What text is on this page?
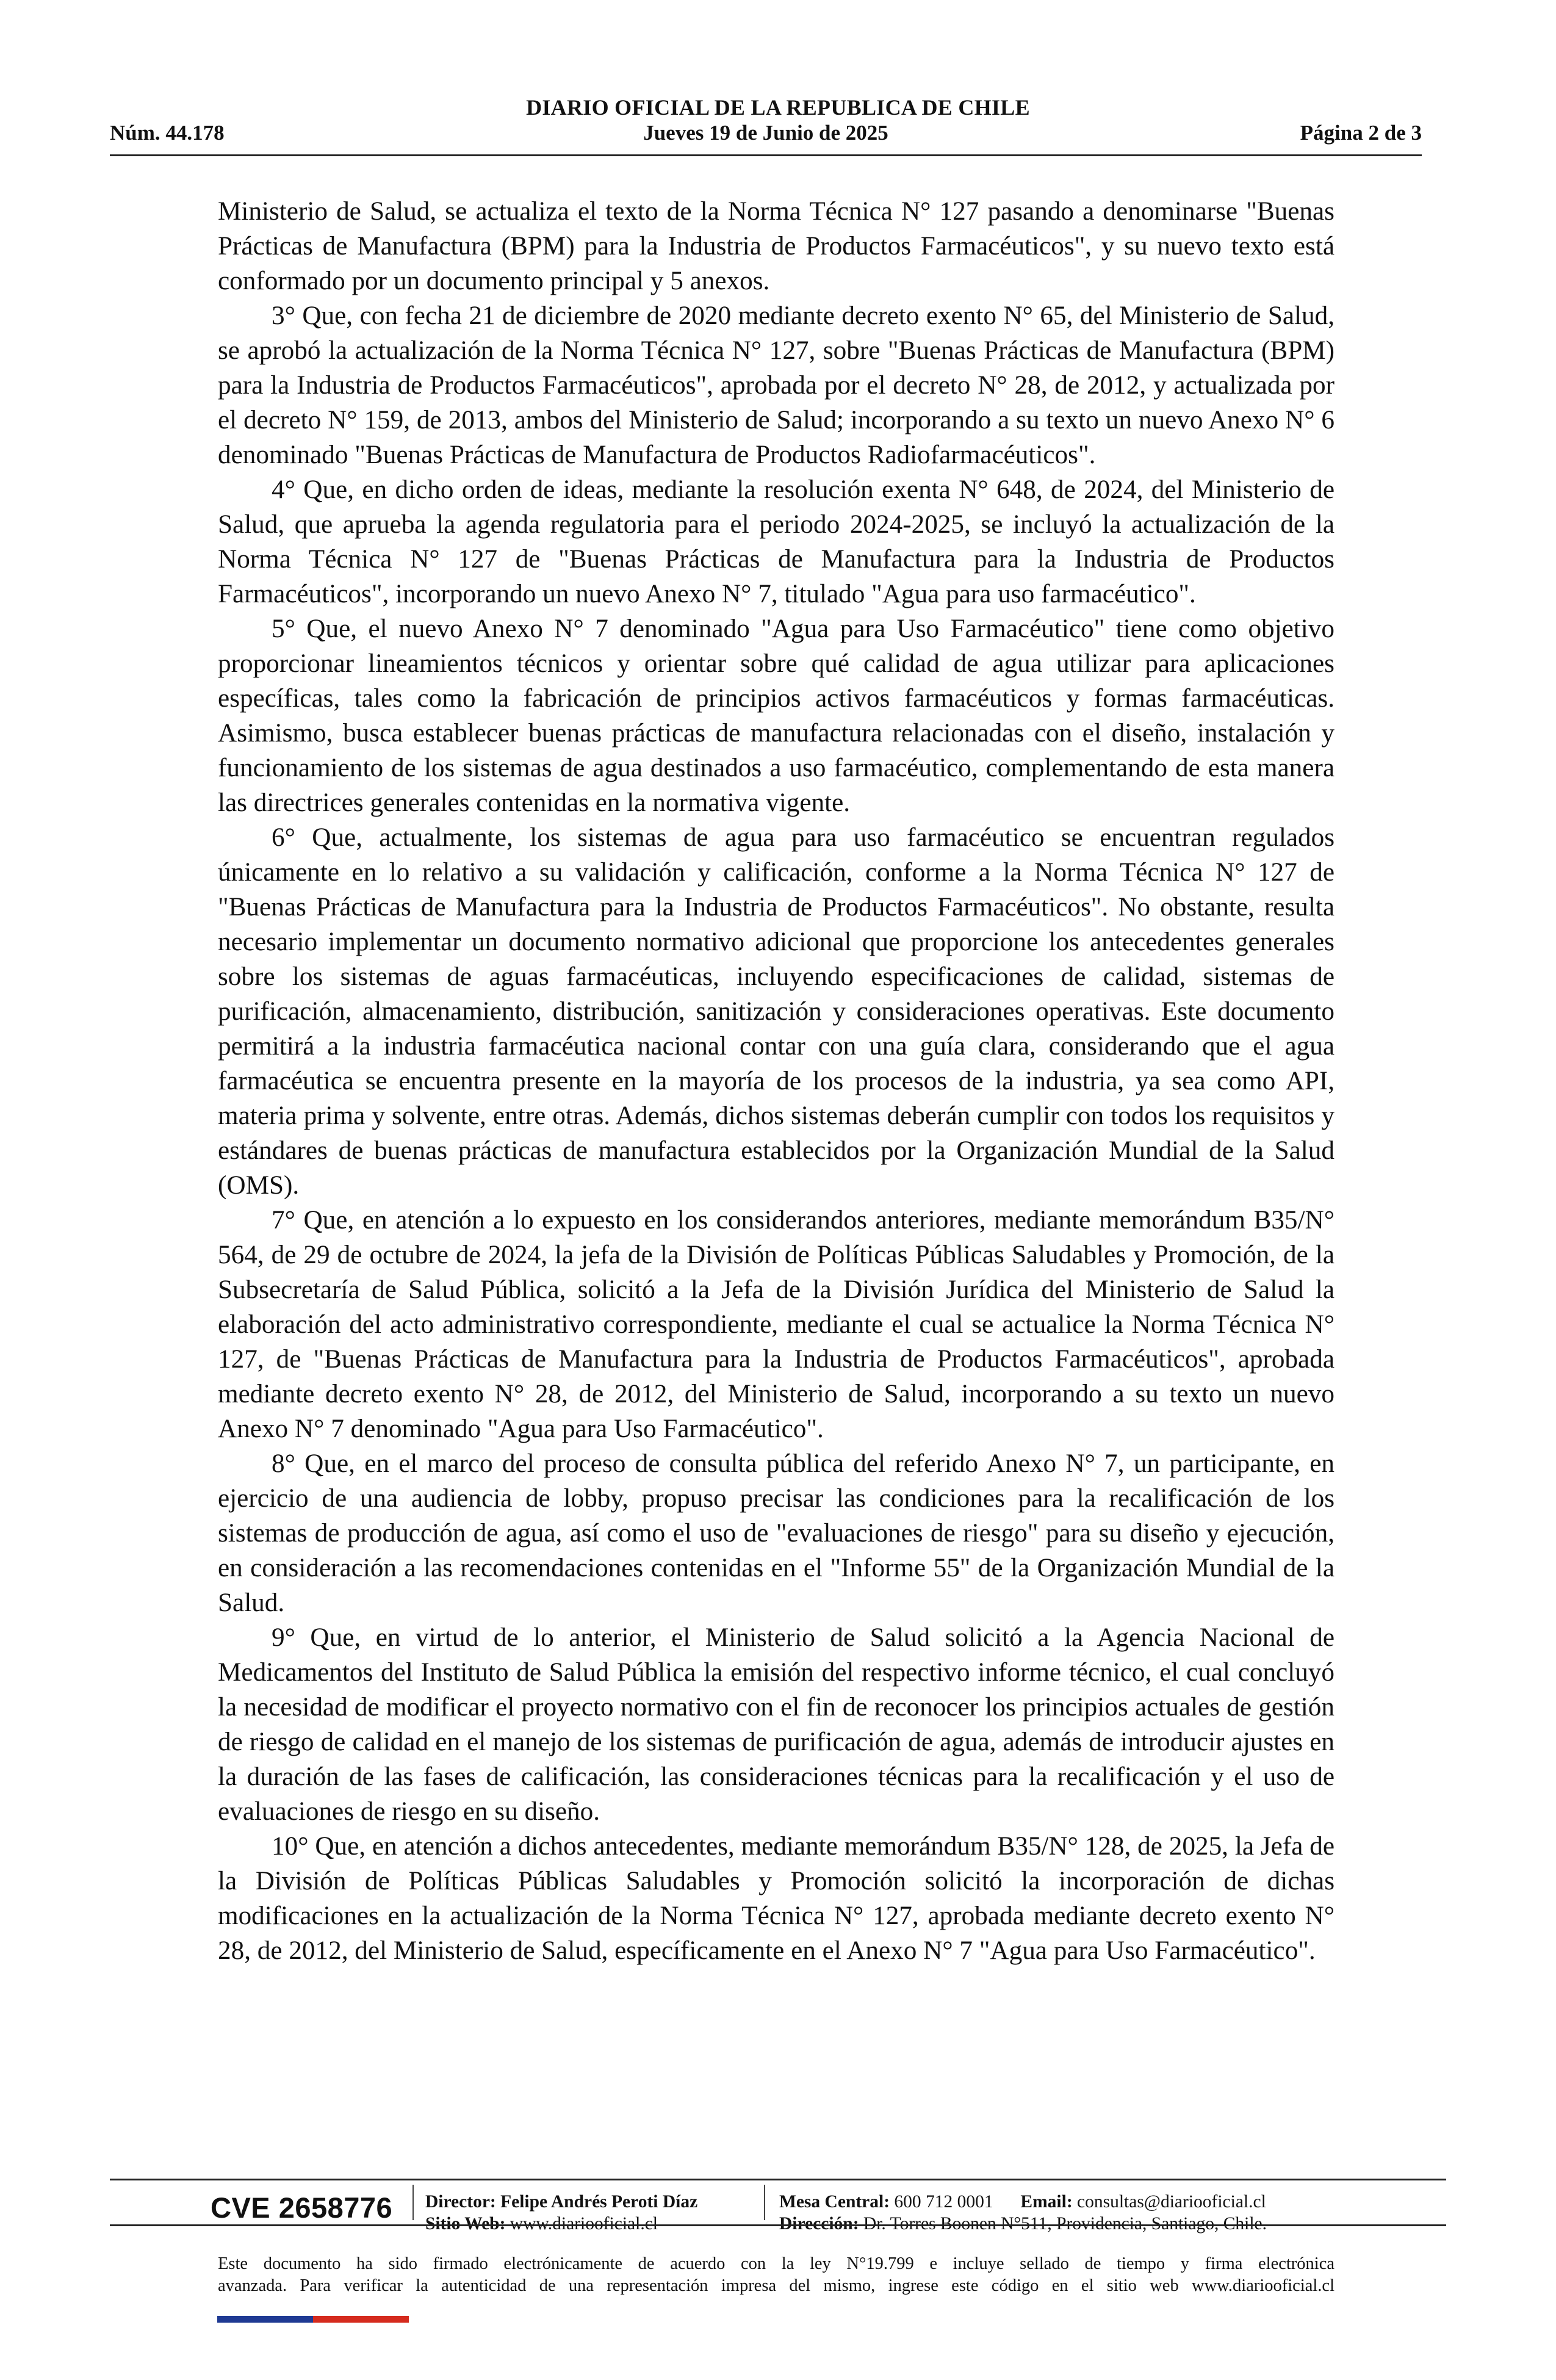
DIARIO OFICIAL DE LA REPUBLICA DE CHILE
Núm. 44.178	Jueves 19 de Junio de 2025	Página 2 de 3

Ministerio de Salud, se actualiza el texto de la Norma Técnica N° 127 pasando a denominarse "Buenas Prácticas de Manufactura (BPM) para la Industria de Productos Farmacéuticos", y su nuevo texto está conformado por un documento principal y 5 anexos.

3° Que, con fecha 21 de diciembre de 2020 mediante decreto exento N° 65, del Ministerio de Salud, se aprobó la actualización de la Norma Técnica N° 127, sobre "Buenas Prácticas de Manufactura (BPM) para la Industria de Productos Farmacéuticos", aprobada por el decreto N° 28, de 2012, y actualizada por el decreto N° 159, de 2013, ambos del Ministerio de Salud; incorporando a su texto un nuevo Anexo N° 6 denominado "Buenas Prácticas de Manufactura de Productos Radiofarmacéuticos".

4° Que, en dicho orden de ideas, mediante la resolución exenta N° 648, de 2024, del Ministerio de Salud, que aprueba la agenda regulatoria para el periodo 2024-2025, se incluyó la actualización de la Norma Técnica N° 127 de "Buenas Prácticas de Manufactura para la Industria de Productos Farmacéuticos", incorporando un nuevo Anexo N° 7, titulado "Agua para uso farmacéutico".

5° Que, el nuevo Anexo N° 7 denominado "Agua para Uso Farmacéutico" tiene como objetivo proporcionar lineamientos técnicos y orientar sobre qué calidad de agua utilizar para aplicaciones específicas, tales como la fabricación de principios activos farmacéuticos y formas farmacéuticas. Asimismo, busca establecer buenas prácticas de manufactura relacionadas con el diseño, instalación y funcionamiento de los sistemas de agua destinados a uso farmacéutico, complementando de esta manera las directrices generales contenidas en la normativa vigente.

6° Que, actualmente, los sistemas de agua para uso farmacéutico se encuentran regulados únicamente en lo relativo a su validación y calificación, conforme a la Norma Técnica N° 127 de "Buenas Prácticas de Manufactura para la Industria de Productos Farmacéuticos". No obstante, resulta necesario implementar un documento normativo adicional que proporcione los antecedentes generales sobre los sistemas de aguas farmacéuticas, incluyendo especificaciones de calidad, sistemas de purificación, almacenamiento, distribución, sanitización y consideraciones operativas. Este documento permitirá a la industria farmacéutica nacional contar con una guía clara, considerando que el agua farmacéutica se encuentra presente en la mayoría de los procesos de la industria, ya sea como API, materia prima y solvente, entre otras. Además, dichos sistemas deberán cumplir con todos los requisitos y estándares de buenas prácticas de manufactura establecidos por la Organización Mundial de la Salud (OMS).

7° Que, en atención a lo expuesto en los considerandos anteriores, mediante memorándum B35/N° 564, de 29 de octubre de 2024, la jefa de la División de Políticas Públicas Saludables y Promoción, de la Subsecretaría de Salud Pública, solicitó a la Jefa de la División Jurídica del Ministerio de Salud la elaboración del acto administrativo correspondiente, mediante el cual se actualice la Norma Técnica N° 127, de "Buenas Prácticas de Manufactura para la Industria de Productos Farmacéuticos", aprobada mediante decreto exento N° 28, de 2012, del Ministerio de Salud, incorporando a su texto un nuevo Anexo N° 7 denominado "Agua para Uso Farmacéutico".

8° Que, en el marco del proceso de consulta pública del referido Anexo N° 7, un participante, en ejercicio de una audiencia de lobby, propuso precisar las condiciones para la recalificación de los sistemas de producción de agua, así como el uso de "evaluaciones de riesgo" para su diseño y ejecución, en consideración a las recomendaciones contenidas en el "Informe 55" de la Organización Mundial de la Salud.

9° Que, en virtud de lo anterior, el Ministerio de Salud solicitó a la Agencia Nacional de Medicamentos del Instituto de Salud Pública la emisión del respectivo informe técnico, el cual concluyó la necesidad de modificar el proyecto normativo con el fin de reconocer los principios actuales de gestión de riesgo de calidad en el manejo de los sistemas de purificación de agua, además de introducir ajustes en la duración de las fases de calificación, las consideraciones técnicas para la recalificación y el uso de evaluaciones de riesgo en su diseño.

10° Que, en atención a dichos antecedentes, mediante memorándum B35/N° 128, de 2025, la Jefa de la División de Políticas Públicas Saludables y Promoción solicitó la incorporación de dichas modificaciones en la actualización de la Norma Técnica N° 127, aprobada mediante decreto exento N° 28, de 2012, del Ministerio de Salud, específicamente en el Anexo N° 7 "Agua para Uso Farmacéutico".

CVE 2658776 Director: Felipe Andrés Peroti Díaz
Sitio Web: www.diariooficial.cl
Mesa Central: 600 712 0001 Email: consultas@diariooficial.cl
Dirección: Dr. Torres Boonen N°511, Providencia, Santiago, Chile.
Este documento ha sido firmado electrónicamente de acuerdo con la ley N°19.799 e incluye sellado de tiempo y firma electrónica
avanzada. Para verificar la autenticidad de una representación impresa del mismo, ingrese este código en el sitio web www.diariooficial.cl
